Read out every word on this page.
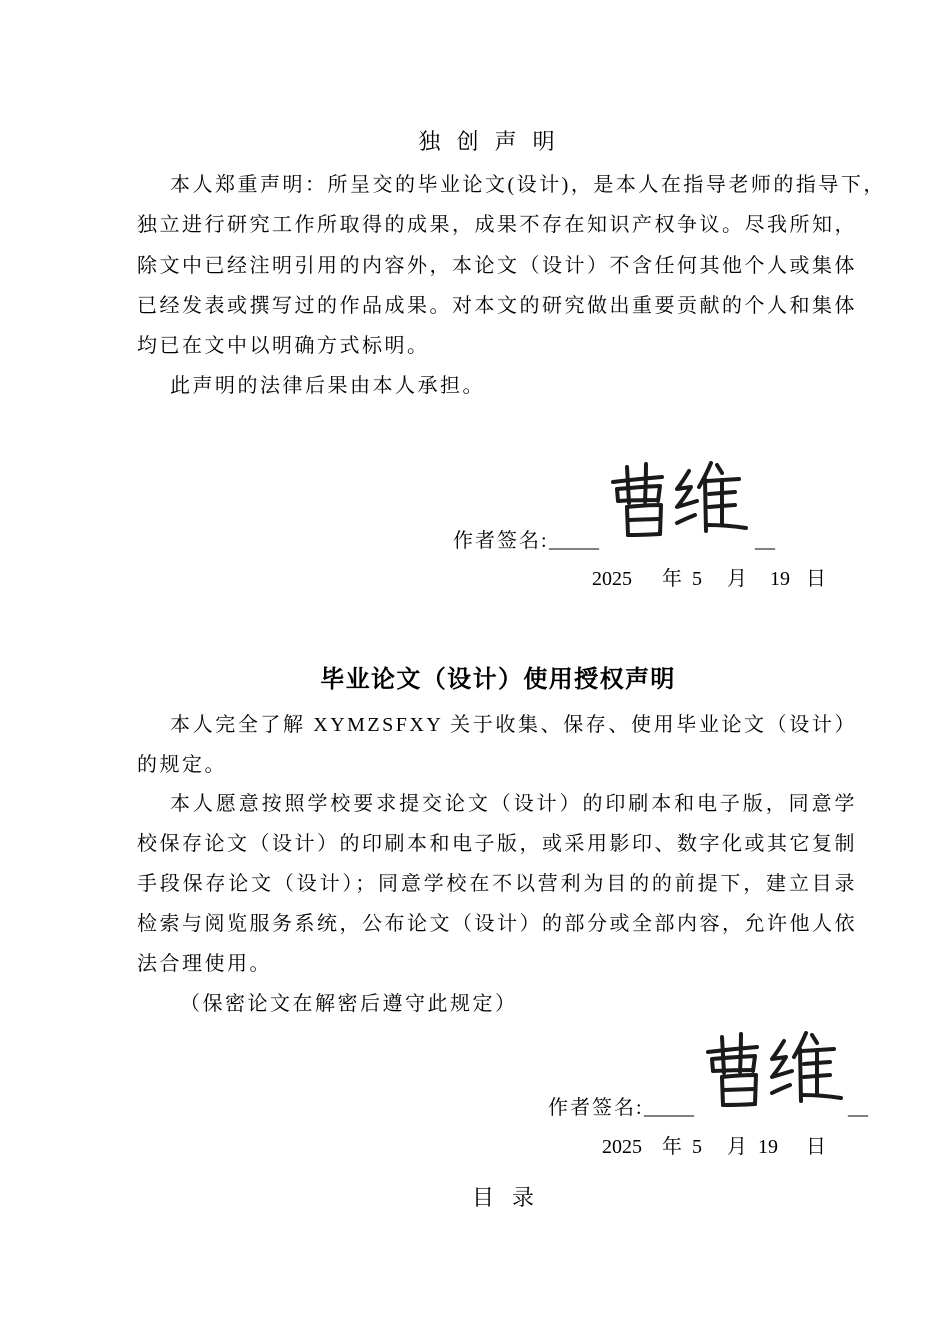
独 创 声 明
本人郑重声明：所呈交的毕业论文(设计)，是本人在指导老师的指导下，
独立进行研究工作所取得的成果，成果不存在知识产权争议。尽我所知，
除文中已经注明引用的内容外，本论文（设计）不含任何其他个人或集体
已经发表或撰写过的作品成果。对本文的研究做出重要贡献的个人和集体
均已在文中以明确方式标明。
此声明的法律后果由本人承担。
作者签名: _____	__
2025 年 5 月 19 日
毕业论文（设计）使用授权声明
本人完全了解 XYMZSFXY 关于收集、保存、使用毕业论文（设计）
的规定。
本人愿意按照学校要求提交论文（设计）的印刷本和电子版，同意学
校保存论文（设计）的印刷本和电子版，或采用影印、数字化或其它复制
手段保存论文（设计）；同意学校在不以营利为目的的前提下，建立目录
检索与阅览服务系统，公布论文（设计）的部分或全部内容，允许他人依
法合理使用。
（保密论文在解密后遵守此规定）
作者签名: _____	__
2025 年 5 月 19 日
目 录
